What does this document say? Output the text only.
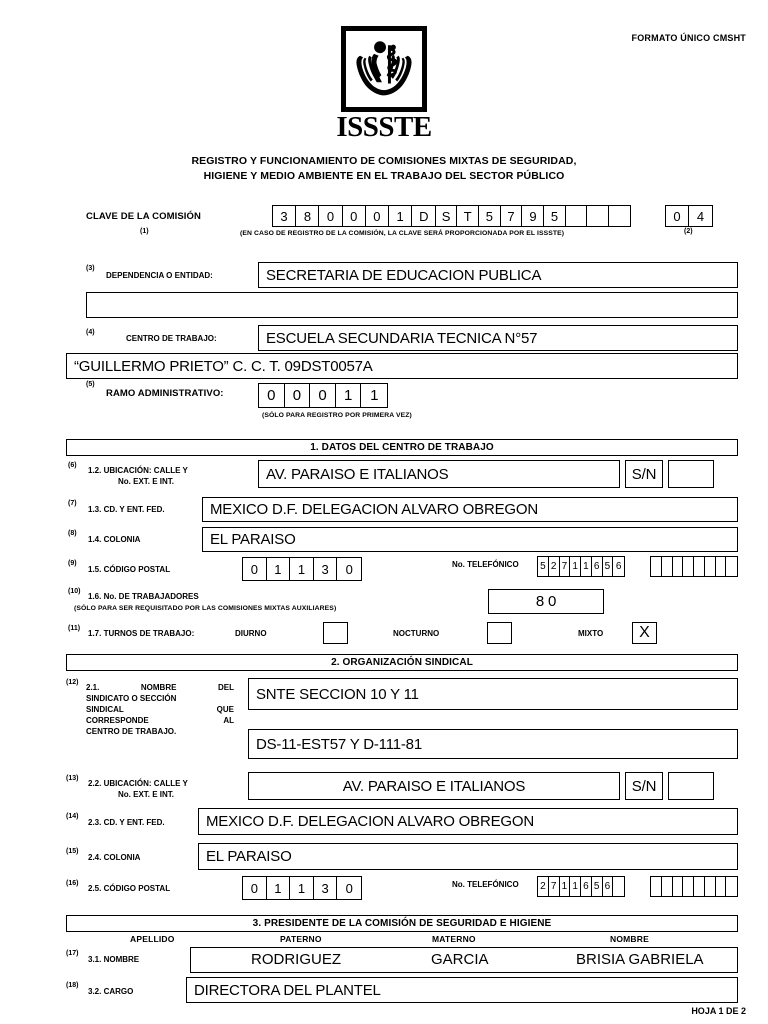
FORMATO ÚNICO CMSHT
ISSSTE
REGISTRO Y FUNCIONAMIENTO DE COMISIONES MIXTAS DE SEGURIDAD,
HIGIENE Y MEDIO AMBIENTE EN EL TRABAJO DEL SECTOR PÚBLICO
CLAVE DE LA COMISIÓN
(1)
3	8	0	0	0	1	D	S	T	5	7	9	5
(EN CASO DE REGISTRO DE LA COMISIÓN, LA CLAVE SERÁ PROPORCIONADA POR EL ISSSTE)
0	4
(2)
(3)
DEPENDENCIA O ENTIDAD:	SECRETARIA DE EDUCACION PUBLICA
(4)
CENTRO DE TRABAJO:	ESCUELA SECUNDARIA TECNICA N°57
“GUILLERMO PRIETO” C. C. T. 09DST0057A
(5)
RAMO ADMINISTRATIVO:	0	0	0	1	1
(SÓLO PARA REGISTRO POR PRIMERA VEZ)
1. DATOS DEL CENTRO DE TRABAJO
(6)
1.2. UBICACIÓN: CALLE Y
No. EXT. E INT.	AV. PARAISO E ITALIANOS	S/N
(7)
1.3. CD. Y ENT. FED.	MEXICO D.F. DELEGACION ALVARO OBREGON
(8)
1.4. COLONIA	EL PARAISO
(9)
1.5. CÓDIGO POSTAL	0	1	1	3	0	No. TELEFÓNICO 5 2 7 1 1 6 5 6
(10)
1.6. No. DE TRABAJADORES
(SÓLO PARA SER REQUISITADO POR LAS COMISIONES MIXTAS AUXILIARES)	8 0
(11)
1.7. TURNOS DE TRABAJO:	DIURNO	NOCTURNO	MIXTO	X
2. ORGANIZACIÓN SINDICAL
(12)
2.1.	NOMBRE	DEL
SINDICATO O SECCIÓN
SINDICAL	QUE
CORRESPONDE	AL
CENTRO DE TRABAJO.
SNTE SECCION 10 Y 11
DS-11-EST57 Y D-111-81
(13)
2.2. UBICACIÓN: CALLE Y
No. EXT. E INT.	AV. PARAISO E ITALIANOS	S/N
(14)
2.3. CD. Y ENT. FED.	MEXICO D.F. DELEGACION ALVARO OBREGON
(15)
2.4. COLONIA	EL PARAISO
(16)
2.5. CÓDIGO POSTAL	0	1	1	3	0	No. TELEFÓNICO 2 7 1 1 6 5 6
3. PRESIDENTE DE LA COMISIÓN DE SEGURIDAD E HIGIENE
APELLIDO	PATERNO	MATERNO	NOMBRE
(17)
3.1. NOMBRE	RODRIGUEZ	GARCIA	BRISIA GABRIELA
(18)
3.2. CARGO	DIRECTORA DEL PLANTEL
HOJA 1 DE 2
